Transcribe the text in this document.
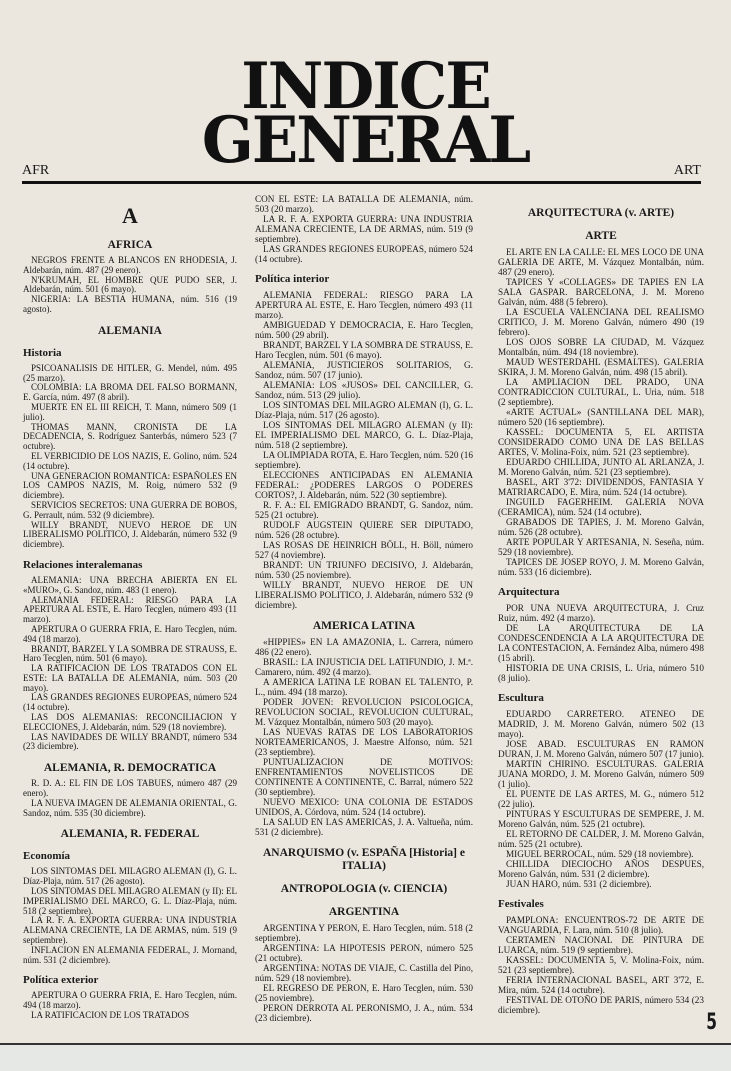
INDICE
GENERAL
AFR	ART
A
AFRICA
NEGROS FRENTE A BLANCOS EN RHODESIA, J. Aldebarán, núm. 487 (29 enero).
N'KRUMAH, EL HOMBRE QUE PUDO SER, J. Aldebarán, núm. 501 (6 mayo).
NIGERIA: LA BESTIA HUMANA, núm. 516 (19 agosto).
ALEMANIA
Historia
PSICOANALISIS DE HITLER, G. Mendel, núm. 495 (25 marzo).
COLOMBIA: LA BROMA DEL FALSO BORMANN, E. García, núm. 497 (8 abril).
MUERTE EN EL III REICH, T. Mann, número 509 (1 julio).
THOMAS MANN, CRONISTA DE LA DECADENCIA, S. Rodríguez Santerbás, número 523 (7 octubre).
EL VERBICIDIO DE LOS NAZIS, E. Golino, núm. 524 (14 octubre).
UNA GENERACION ROMANTICA: ESPAÑOLES EN LOS CAMPOS NAZIS, M. Roig, número 532 (9 diciembre).
SERVICIOS SECRETOS: UNA GUERRA DE BOBOS, G. Perrault, núm. 532 (9 diciembre).
WILLY BRANDT, NUEVO HEROE DE UN LIBERALISMO POLITICO, J. Aldebarán, número 532 (9 diciembre).
Relaciones interalemanas
ALEMANIA: UNA BRECHA ABIERTA EN EL «MURO», G. Sandoz, núm. 483 (1 enero).
ALEMANIA FEDERAL: RIESGO PARA LA APERTURA AL ESTE, E. Haro Tecglen, número 493 (11 marzo).
APERTURA O GUERRA FRIA, E. Haro Tecglen, núm. 494 (18 marzo).
BRANDT, BARZEL Y LA SOMBRA DE STRAUSS, E. Haro Tecglen, núm. 501 (6 mayo).
LA RATIFICACION DE LOS TRATADOS CON EL ESTE: LA BATALLA DE ALEMANIA, núm. 503 (20 mayo).
LAS GRANDES REGIONES EUROPEAS, número 524 (14 octubre).
LAS DOS ALEMANIAS: RECONCILIACION Y ELECCIONES, J. Aldebarán, núm. 529 (18 noviembre).
LAS NAVIDADES DE WILLY BRANDT, número 534 (23 diciembre).
ALEMANIA, R. DEMOCRATICA
R. D. A.: EL FIN DE LOS TABUES, número 487 (29 enero).
LA NUEVA IMAGEN DE ALEMANIA ORIENTAL, G. Sandoz, núm. 535 (30 diciembre).
ALEMANIA, R. FEDERAL
Economía
LOS SINTOMAS DEL MILAGRO ALEMAN (I), G. L. Díaz-Plaja, núm. 517 (26 agosto).
LOS SINTOMAS DEL MILAGRO ALEMAN (y II): EL IMPERIALISMO DEL MARCO, G. L. Díaz-Plaja, núm. 518 (2 septiembre).
LA R. F. A. EXPORTA GUERRA: UNA INDUSTRIA ALEMANA CRECIENTE, LA DE ARMAS, núm. 519 (9 septiembre).
INFLACION EN ALEMANIA FEDERAL, J. Mornand, núm. 531 (2 diciembre).
Política exterior
APERTURA O GUERRA FRIA, E. Haro Tecglen, núm. 494 (18 marzo).
LA RATIFICACION DE LOS TRATADOS
CON EL ESTE: LA BATALLA DE ALEMANIA, núm. 503 (20 marzo).
LA R. F. A. EXPORTA GUERRA: UNA INDUSTRIA ALEMANA CRECIENTE, LA DE ARMAS, núm. 519 (9 septiembre).
LAS GRANDES REGIONES EUROPEAS, número 524 (14 octubre).
Política interior
ALEMANIA FEDERAL: RIESGO PARA LA APERTURA AL ESTE, E. Haro Tecglen, número 493 (11 marzo).
AMBIGUEDAD Y DEMOCRACIA, E. Haro Tecglen, núm. 500 (29 abril).
BRANDT, BARZEL Y LA SOMBRA DE STRAUSS, E. Haro Tecglen, núm. 501 (6 mayo).
ALEMANIA, JUSTICIEROS SOLITARIOS, G. Sandoz, núm. 507 (17 junio).
ALEMANIA: LOS «JUSOS» DEL CANCILLER, G. Sandoz, núm. 513 (29 julio).
LOS SINTOMAS DEL MILAGRO ALEMAN (I), G. L. Díaz-Plaja, núm. 517 (26 agosto).
LOS SINTOMAS DEL MILAGRO ALEMAN (y II): EL IMPERIALISMO DEL MARCO, G. L. Díaz-Plaja, núm. 518 (2 septiembre).
LA OLIMPIADA ROTA, E. Haro Tecglen, núm. 520 (16 septiembre).
ELECCIONES ANTICIPADAS EN ALEMANIA FEDERAL: ¿PODERES LARGOS O PODERES CORTOS?, J. Aldebarán, núm. 522 (30 septiembre).
R. F. A.: EL EMIGRADO BRANDT, G. Sandoz, núm. 525 (21 octubre).
RUDOLF AUGSTEIN QUIERE SER DIPUTADO, núm. 526 (28 octubre).
LAS ROSAS DE HEINRICH BÖLL, H. Böll, número 527 (4 noviembre).
BRANDT: UN TRIUNFO DECISIVO, J. Aldebarán, núm. 530 (25 noviembre).
WILLY BRANDT, NUEVO HEROE DE UN LIBERALISMO POLITICO, J. Aldebarán, número 532 (9 diciembre).
AMERICA LATINA
«HIPPIES» EN LA AMAZONIA, L. Carrera, número 486 (22 enero).
BRASIL: LA INJUSTICIA DEL LATIFUNDIO, J. M.ª. Camarero, núm. 492 (4 marzo).
A AMERICA LATINA LE ROBAN EL TALENTO, P. L., núm. 494 (18 marzo).
PODER JOVEN: REVOLUCION PSICOLOGICA, REVOLUCION SOCIAL, REVOLUCION CULTURAL, M. Vázquez Montalbán, número 503 (20 mayo).
LAS NUEVAS RATAS DE LOS LABORATORIOS NORTEAMERICANOS, J. Maestre Alfonso, núm. 521 (23 septiembre).
PUNTUALIZACION DE MOTIVOS: ENFRENTAMIENTOS NOVELISTICOS DE CONTINENTE A CONTINENTE, C. Barral, número 522 (30 septiembre).
NUEVO MEXICO: UNA COLONIA DE ESTADOS UNIDOS, A. Córdova, núm. 524 (14 octubre).
LA SALUD EN LAS AMERICAS, J. A. Valtueña, núm. 531 (2 diciembre).
ANARQUISMO (v. ESPAÑA [Historia] e ITALIA)
ANTROPOLOGIA (v. CIENCIA)
ARGENTINA
ARGENTINA Y PERON, E. Haro Tecglen, núm. 518 (2 septiembre).
ARGENTINA: LA HIPOTESIS PERON, número 525 (21 octubre).
ARGENTINA: NOTAS DE VIAJE, C. Castilla del Pino, núm. 529 (18 noviembre).
EL REGRESO DE PERON, E. Haro Tecglen, núm. 530 (25 noviembre).
PERON DERROTA AL PERONISMO, J. A., núm. 534 (23 diciembre).
ARQUITECTURA (v. ARTE)
ARTE
EL ARTE EN LA CALLE: EL MES LOCO DE UNA GALERIA DE ARTE, M. Vázquez Montalbán, núm. 487 (29 enero).
TAPICES Y «COLLAGES» DE TAPIES EN LA SALA GASPAR. BARCELONA, J. M. Moreno Galván, núm. 488 (5 febrero).
LA ESCUELA VALENCIANA DEL REALISMO CRITICO, J. M. Moreno Galván, número 490 (19 febrero).
LOS OJOS SOBRE LA CIUDAD, M. Vázquez Montalbán, núm. 494 (18 noviembre).
MAUD WESTERDAHL (ESMALTES). GALERIA SKIRA, J. M. Moreno Galván, núm. 498 (15 abril).
LA AMPLIACION DEL PRADO, UNA CONTRADICCION CULTURAL, L. Uria, núm. 518 (2 septiembre).
«ARTE ACTUAL» (SANTILLANA DEL MAR), número 520 (16 septiembre).
KASSEL: DOCUMENTA 5, EL ARTISTA CONSIDERADO COMO UNA DE LAS BELLAS ARTES, V. Molina-Foix, núm. 521 (23 septiembre).
EDUARDO CHILLIDA, JUNTO AL ARLANZA, J. M. Moreno Galván, núm. 521 (23 septiembre).
BASEL, ART 3'72: DIVIDENDOS, FANTASIA Y MATRIARCADO, E. Mira, núm. 524 (14 octubre).
INGUILD FAGERHEIM. GALERIA NOVA (CERAMICA), núm. 524 (14 octubre).
GRABADOS DE TAPIES, J. M. Moreno Galván, núm. 526 (28 octubre).
ARTE POPULAR Y ARTESANIA, N. Seseña, núm. 529 (18 noviembre).
TAPICES DE JOSEP ROYO, J. M. Moreno Galván, núm. 533 (16 diciembre).
Arquitectura
POR UNA NUEVA ARQUITECTURA, J. Cruz Ruiz, núm. 492 (4 marzo).
DE LA ARQUITECTURA DE LA CONDESCENDENCIA A LA ARQUITECTURA DE LA CONTESTACION, A. Fernández Alba, número 498 (15 abril).
HISTORIA DE UNA CRISIS, L. Uria, número 510 (8 julio).
Escultura
EDUARDO CARRETERO. ATENEO DE MADRID, J. M. Moreno Galván, número 502 (13 mayo).
JOSE ABAD. ESCULTURAS EN RAMON DURAN, J. M. Moreno Galván, número 507 (17 junio).
MARTIN CHIRINO. ESCULTURAS. GALERIA JUANA MORDO, J. M. Moreno Galván, número 509 (1 julio).
EL PUENTE DE LAS ARTES, M. G., número 512 (22 julio).
PINTURAS Y ESCULTURAS DE SEMPERE, J. M. Moreno Galván, núm. 525 (21 octubre).
EL RETORNO DE CALDER, J. M. Moreno Galván, núm. 525 (21 octubre).
MIGUEL BERROCAL, núm. 529 (18 noviembre).
CHILLIDA DIECIOCHO AÑOS DESPUES, Moreno Galván, núm. 531 (2 diciembre).
JUAN HARO, núm. 531 (2 diciembre).
Festivales
PAMPLONA: ENCUENTROS-72 DE ARTE DE VANGUARDIA, F. Lara, núm. 510 (8 julio).
CERTAMEN NACIONAL DE PINTURA DE LUARCA, núm. 519 (9 septiembre).
KASSEL: DOCUMENTA 5, V. Molina-Foix, núm. 521 (23 septiembre).
FERIA INTERNACIONAL BASEL, ART 3'72, E. Mira, núm. 524 (14 octubre).
FESTIVAL DE OTOÑO DE PARIS, número 534 (23 diciembre).	5
